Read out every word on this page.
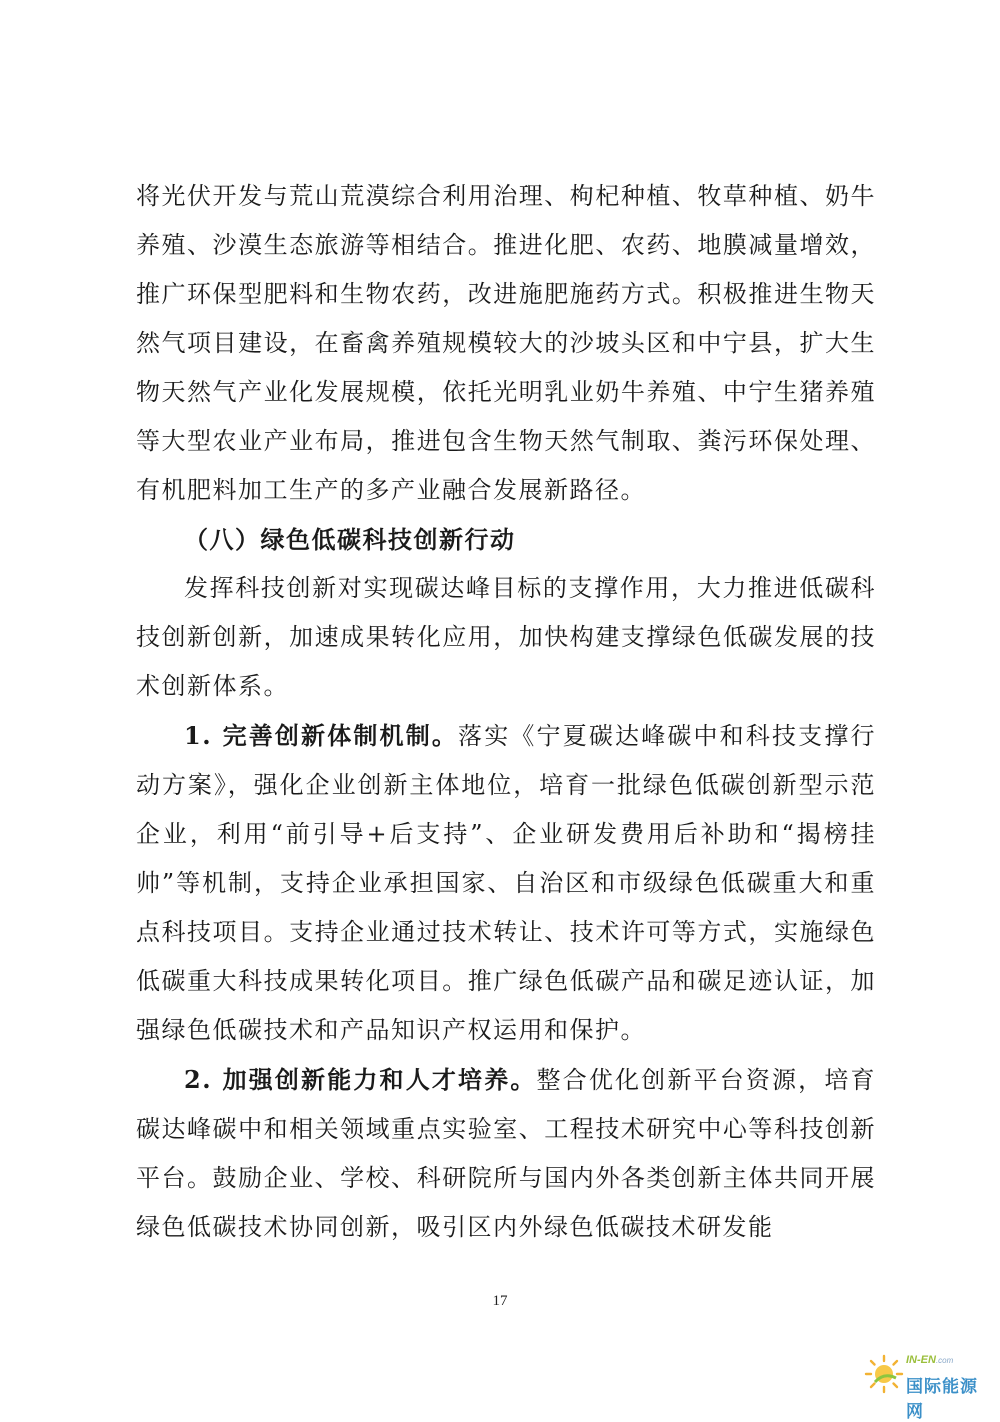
将光伏开发与荒山荒漠综合利用治理、枸杞种植、牧草种植、奶牛养殖、沙漠生态旅游等相结合。推进化肥、农药、地膜减量增效，推广环保型肥料和生物农药，改进施肥施药方式。积极推进生物天然气项目建设，在畜禽养殖规模较大的沙坡头区和中宁县，扩大生物天然气产业化发展规模，依托光明乳业奶牛养殖、中宁生猪养殖等大型农业产业布局，推进包含生物天然气制取、粪污环保处理、有机肥料加工生产的多产业融合发展新路径。

（八）绿色低碳科技创新行动

发挥科技创新对实现碳达峰目标的支撑作用，大力推进低碳科技创新创新，加速成果转化应用，加快构建支撑绿色低碳发展的技术创新体系。

1. 完善创新体制机制。落实《宁夏碳达峰碳中和科技支撑行动方案》，强化企业创新主体地位，培育一批绿色低碳创新型示范企业，利用“前引导+后支持”、企业研发费用后补助和“揭榜挂帅”等机制，支持企业承担国家、自治区和市级绿色低碳重大和重点科技项目。支持企业通过技术转让、技术许可等方式，实施绿色低碳重大科技成果转化项目。推广绿色低碳产品和碳足迹认证，加强绿色低碳技术和产品知识产权运用和保护。

2. 加强创新能力和人才培养。整合优化创新平台资源，培育碳达峰碳中和相关领域重点实验室、工程技术研究中心等科技创新平台。鼓励企业、学校、科研院所与国内外各类创新主体共同开展绿色低碳技术协同创新，吸引区内外绿色低碳技术研发能

17
IN-EN.com
国际能源网
